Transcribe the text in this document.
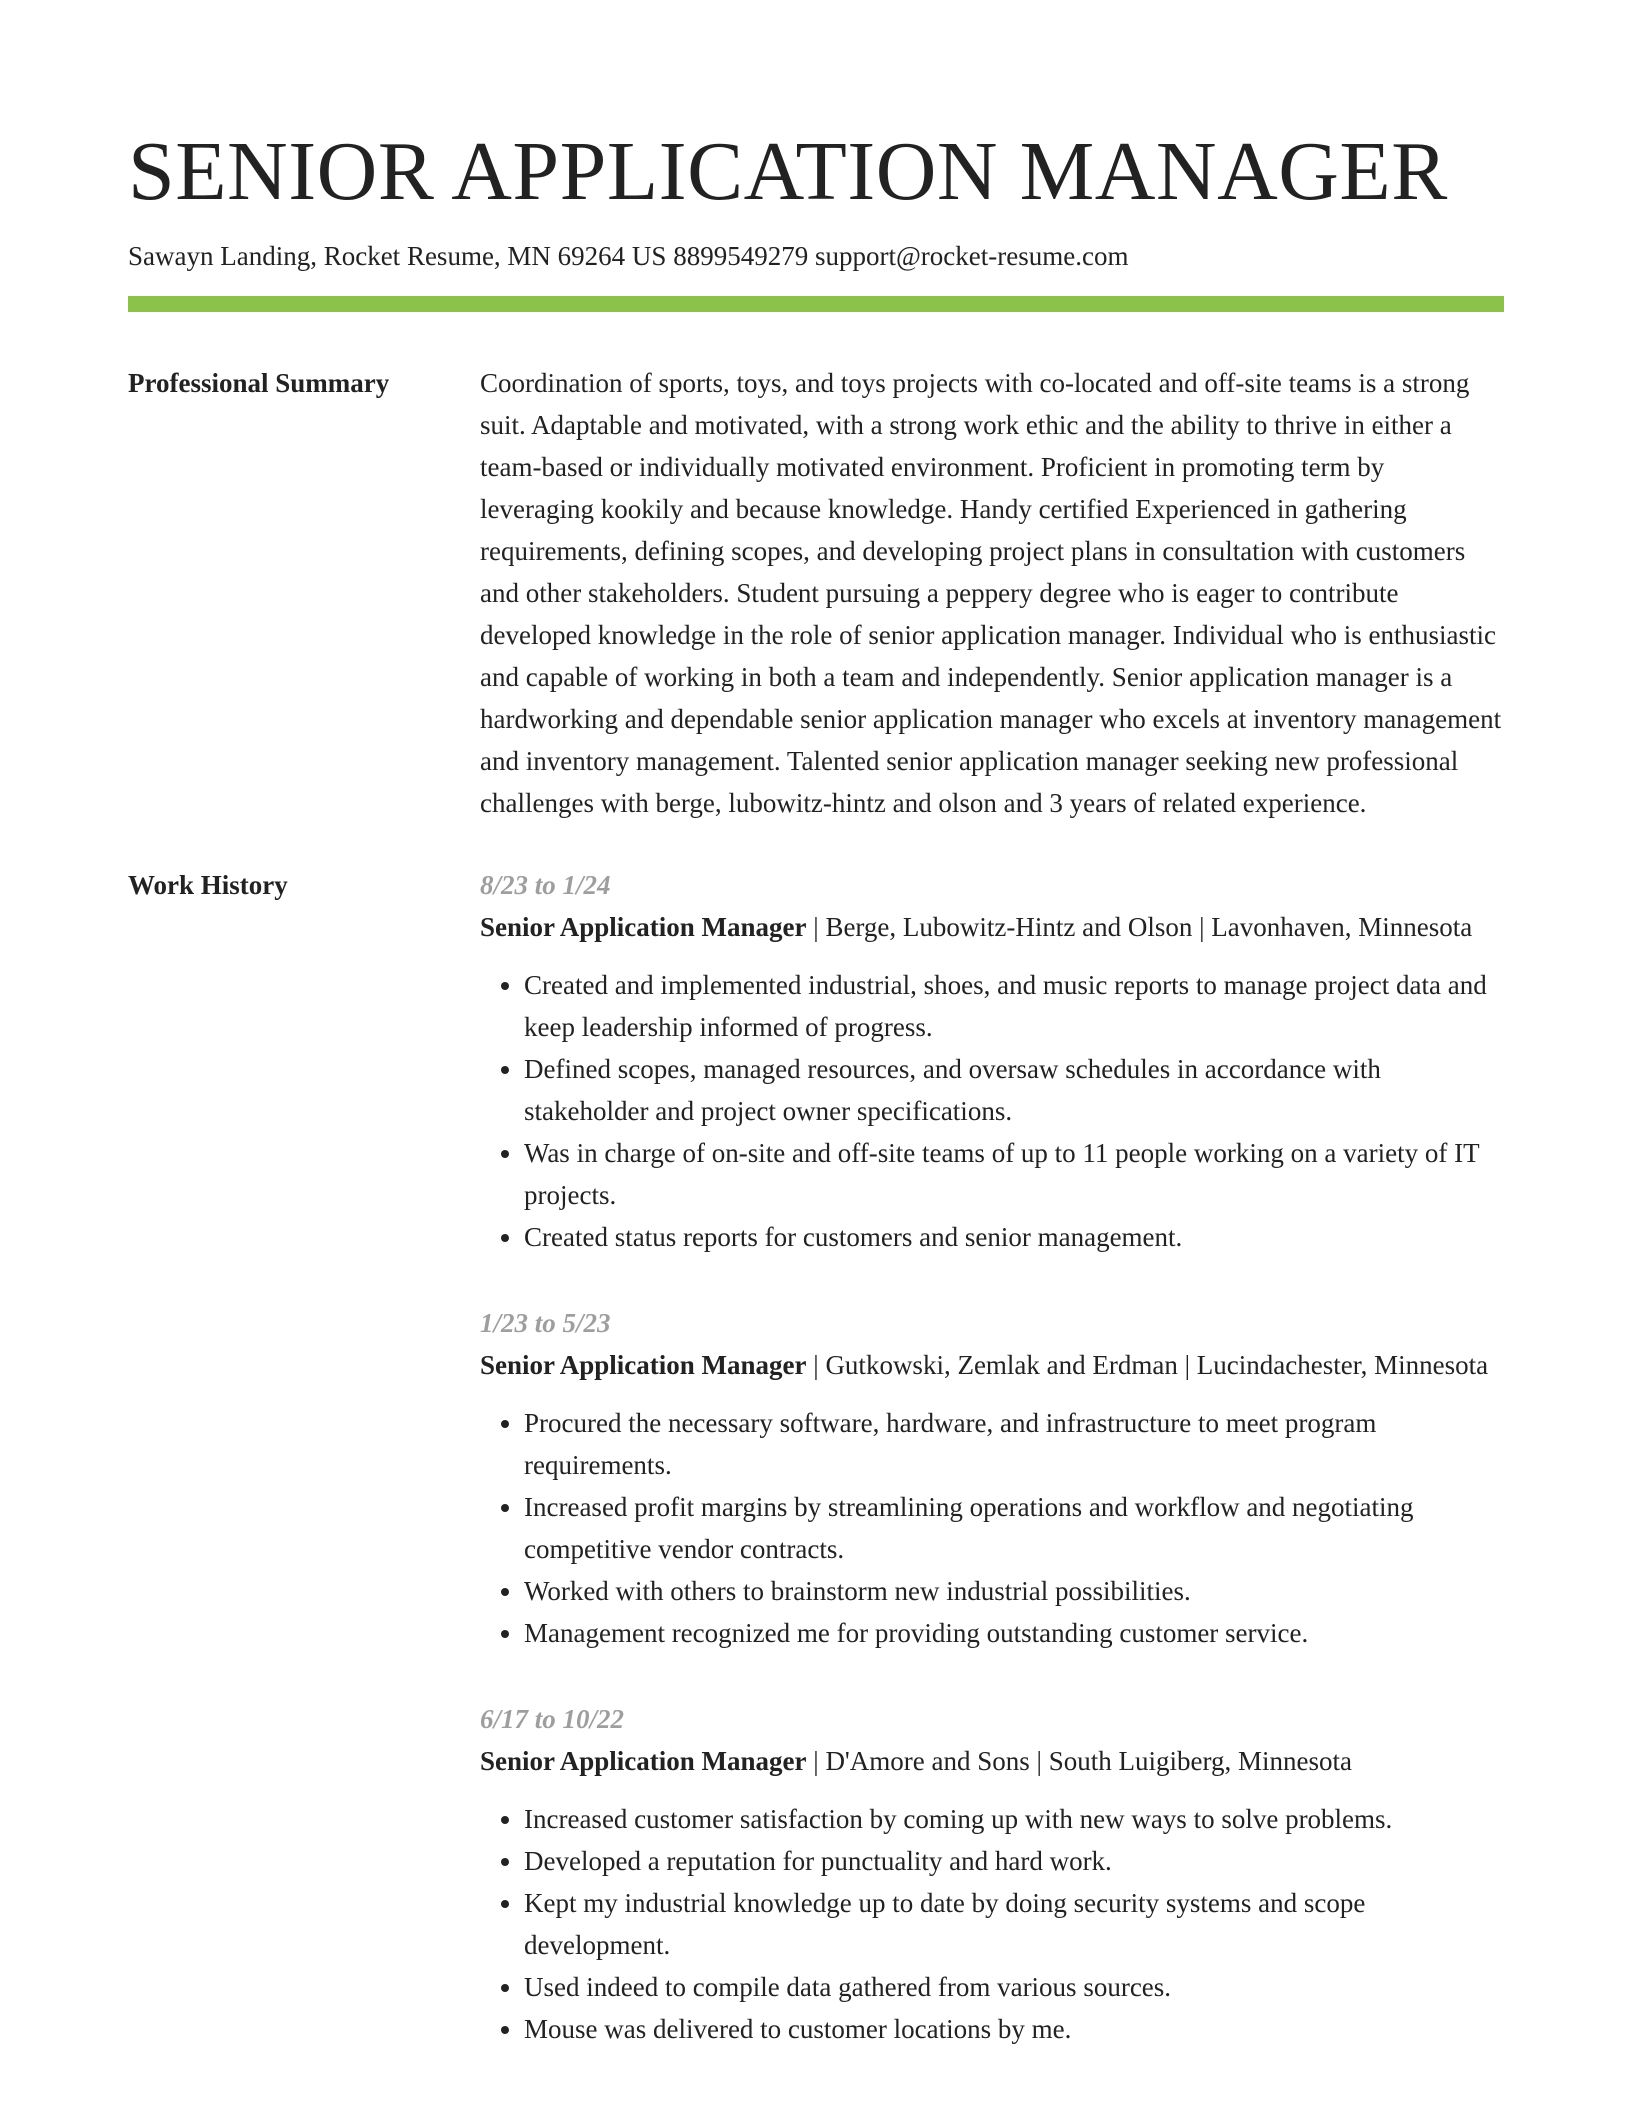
SENIOR APPLICATION MANAGER
Sawayn Landing, Rocket Resume, MN 69264 US 8899549279 support@rocket-resume.com
Professional Summary	Coordination of sports, toys, and toys projects with co-located and off-site teams is a strong suit. Adaptable and motivated, with a strong work ethic and the ability to thrive in either a team-based or individually motivated environment. Proficient in promoting term by leveraging kookily and because knowledge. Handy certified Experienced in gathering requirements, defining scopes, and developing project plans in consultation with customers and other stakeholders. Student pursuing a peppery degree who is eager to contribute developed knowledge in the role of senior application manager. Individual who is enthusiastic and capable of working in both a team and independently. Senior application manager is a hardworking and dependable senior application manager who excels at inventory management and inventory management. Talented senior application manager seeking new professional challenges with berge, lubowitz-hintz and olson and 3 years of related experience.

Work History	8/23 to 1/24

Senior Application Manager | Berge, Lubowitz-Hintz and Olson | Lavonhaven, Minnesota

• Created and implemented industrial, shoes, and music reports to manage project data and keep leadership informed of progress.
• Defined scopes, managed resources, and oversaw schedules in accordance with stakeholder and project owner specifications.
• Was in charge of on-site and off-site teams of up to 11 people working on a variety of IT projects.
• Created status reports for customers and senior management.
1/23 to 5/23

Senior Application Manager | Gutkowski, Zemlak and Erdman | Lucindachester, Minnesota

• Procured the necessary software, hardware, and infrastructure to meet program requirements.
• Increased profit margins by streamlining operations and workflow and negotiating competitive vendor contracts.
• Worked with others to brainstorm new industrial possibilities.
• Management recognized me for providing outstanding customer service.
6/17 to 10/22

Senior Application Manager | D'Amore and Sons | South Luigiberg, Minnesota

• Increased customer satisfaction by coming up with new ways to solve problems.
• Developed a reputation for punctuality and hard work.
• Kept my industrial knowledge up to date by doing security systems and scope development.
• Used indeed to compile data gathered from various sources.
• Mouse was delivered to customer locations by me.
